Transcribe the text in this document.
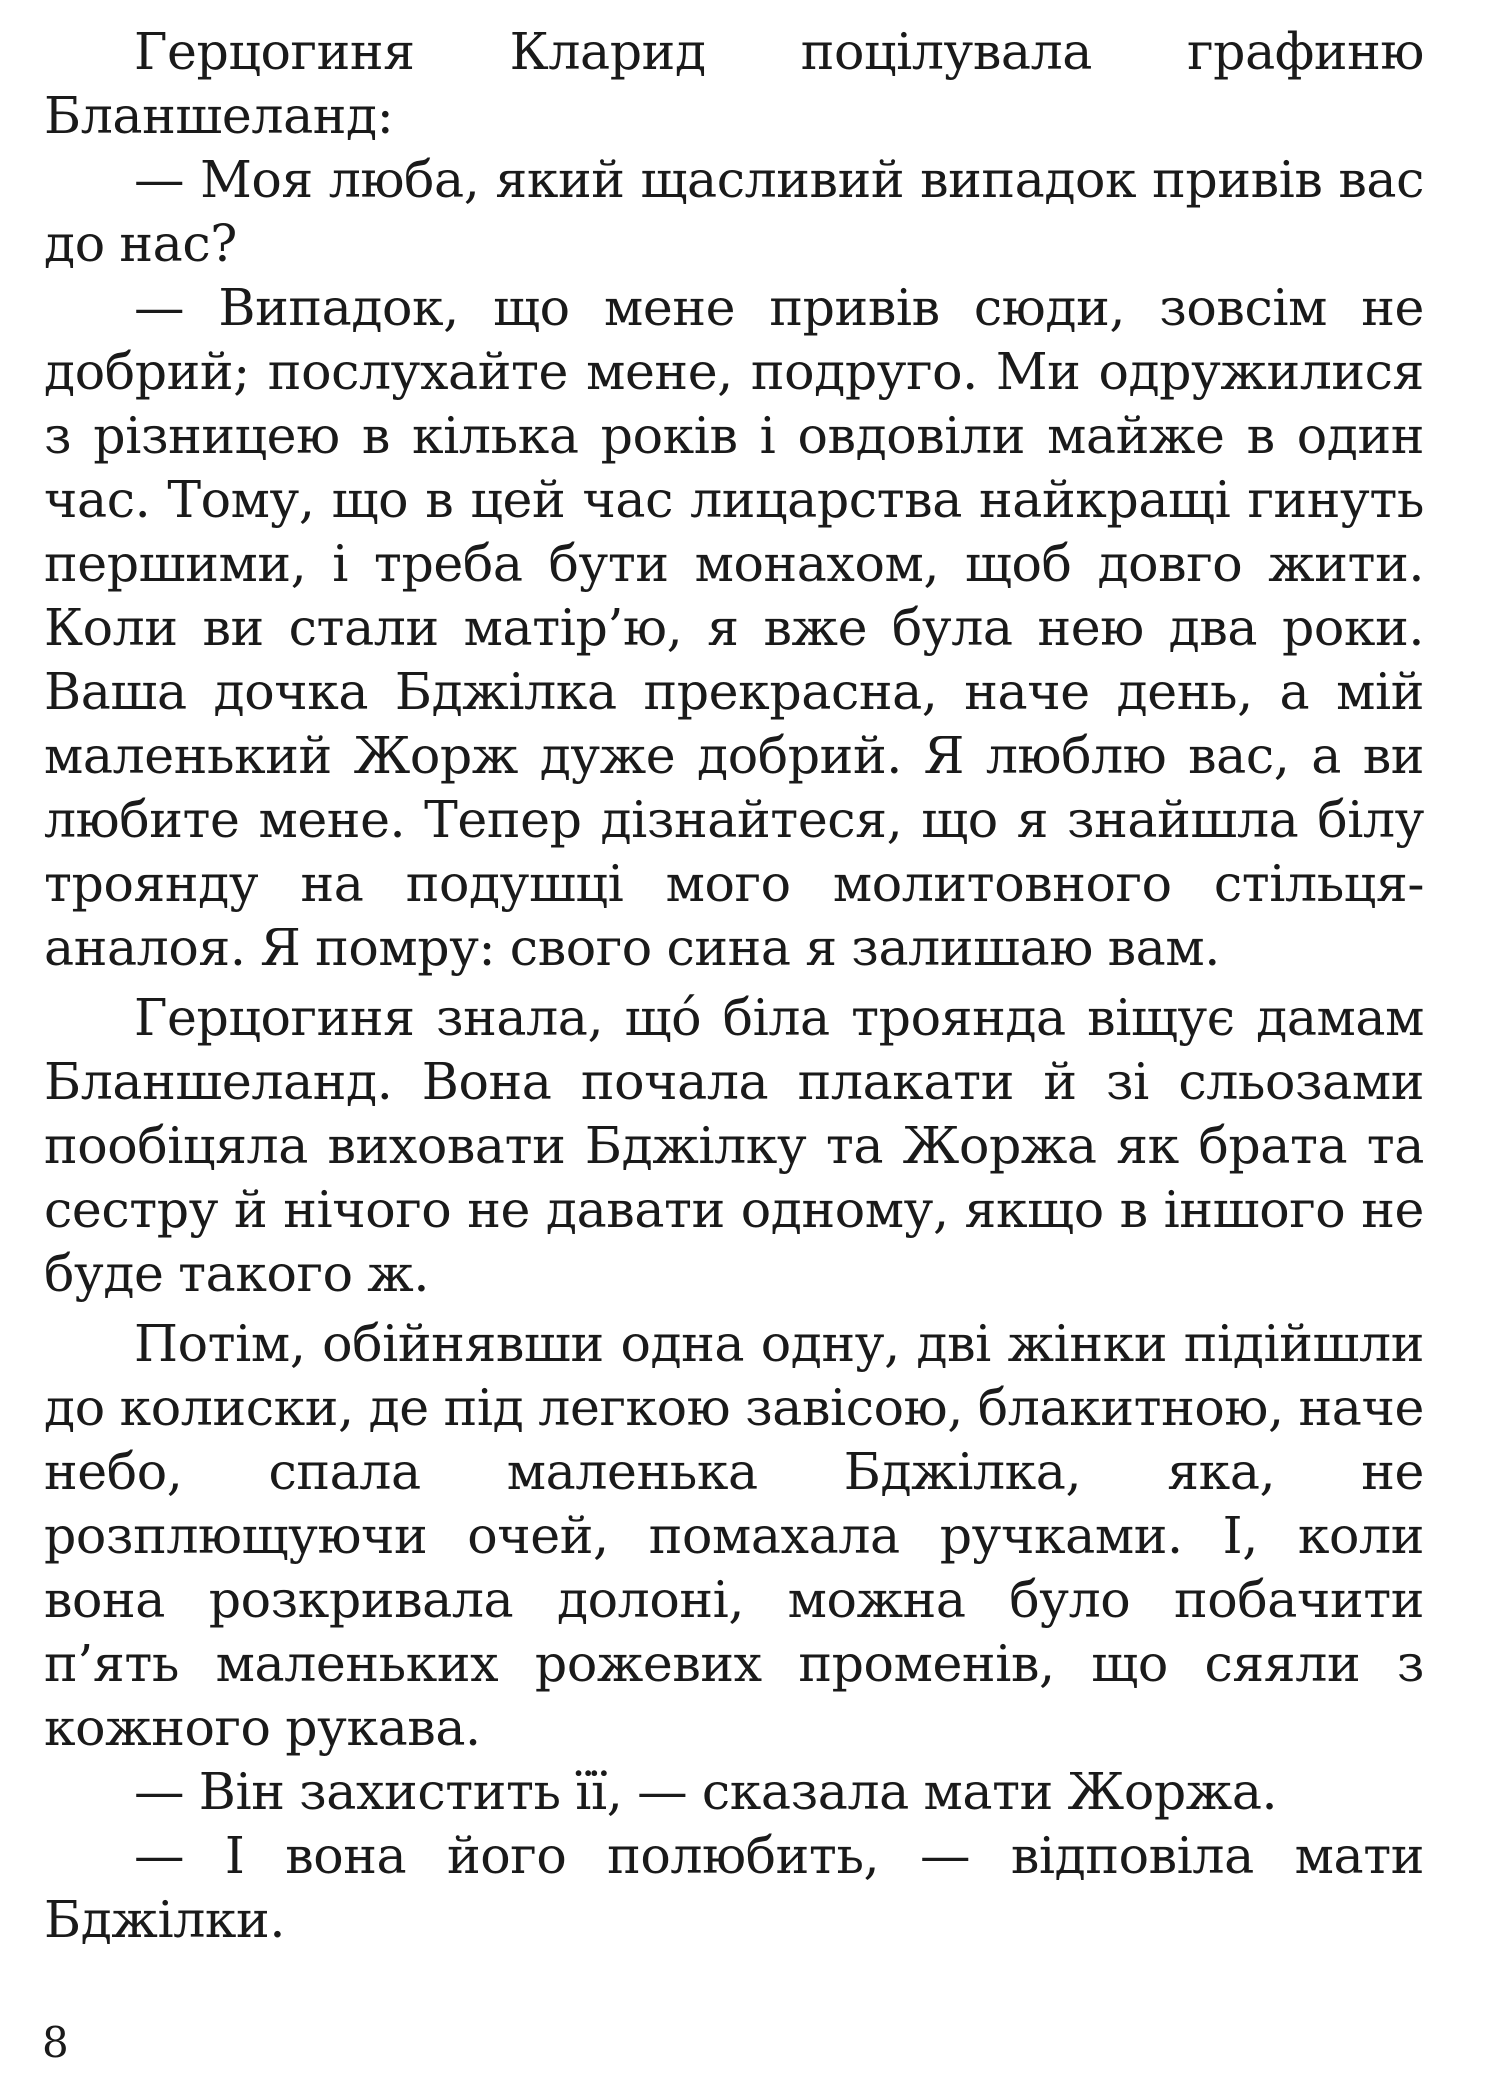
Герцогиня Кларид поцілувала графиню Бланшеланд:

— Моя люба, який щасливий випадок привів вас до нас?

— Випадок, що мене привів сюди, зовсім не добрий; послухайте мене, подруго. Ми одружилися з різницею в кілька років і овдовіли майже в один час. Тому, що в цей час лицарства найкращі гинуть першими, і треба бути монахом, щоб довго жити. Коли ви стали матір’ю, я вже була нею два роки. Ваша дочка Бджілка прекрасна, наче день, а мій маленький Жорж дуже добрий. Я люблю вас, а ви любите мене. Тепер дізнайтеся, що я знайшла білу троянду на подушці мого молитовного стільця-аналоя. Я помру: свого сина я залишаю вам.

Герцогиня знала, щó біла троянда віщує дамам Бланшеланд. Вона почала плакати й зі сльозами пообіцяла виховати Бджілку та Жоржа як брата та сестру й нічого не давати одному, якщо в іншого не буде такого ж.

Потім, обійнявши одна одну, дві жінки підійшли до колиски, де під легкою завісою, блакитною, наче небо, спала маленька Бджілка, яка, не розплющуючи очей, помахала ручками. І, коли вона розкривала долоні, можна було побачити п’ять маленьких рожевих променів, що сяяли з кожного рукава.

— Він захистить її, — сказала мати Жоржа.

— І вона його полюбить, — відповіла мати Бджілки.

8
